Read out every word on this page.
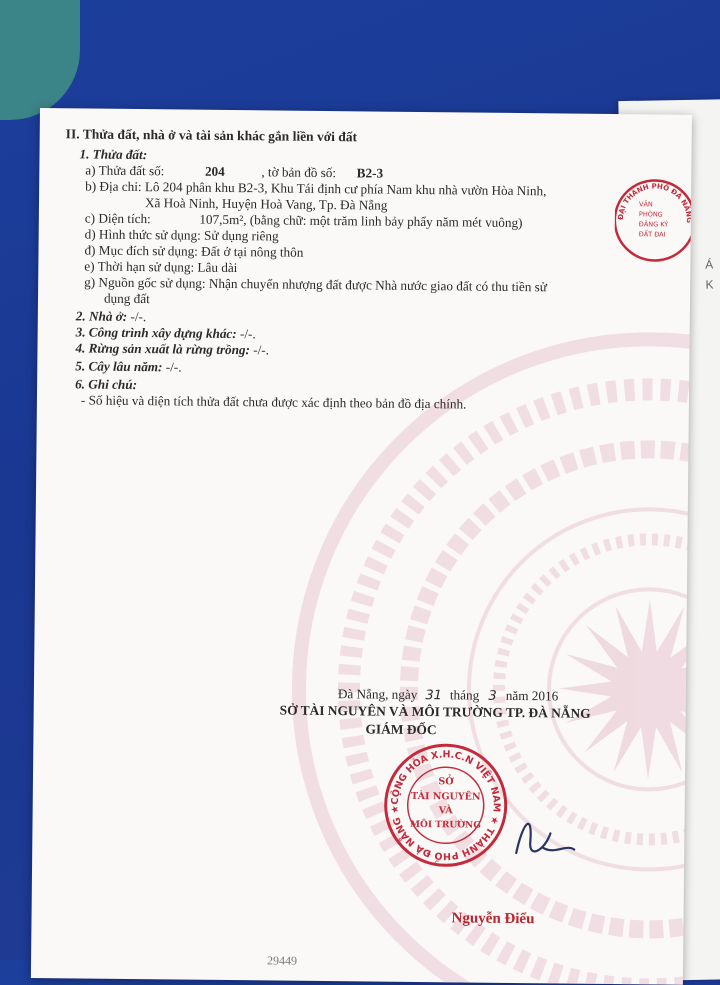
Á
K
II. Thửa đất, nhà ở và tài sản khác gắn liền với đất
1. Thửa đất:
a) Thửa đất số:	204	, tờ bản đồ số: B2-3
b) Địa chỉ: Lô 204 phân khu B2-3, Khu Tái định cư phía Nam khu nhà vườn Hòa Ninh,
Xã Hoà Ninh, Huyện Hoà Vang, Tp. Đà Nẵng
c) Diện tích:	107,5m², (bằng chữ: một trăm linh bảy phẩy năm mét vuông)
d) Hình thức sử dụng: Sử dụng riêng
đ) Mục đích sử dụng: Đất ở tại nông thôn
e) Thời hạn sử dụng: Lâu dài
g) Nguồn gốc sử dụng: Nhận chuyển nhượng đất được Nhà nước giao đất có thu tiền sử
dụng đất
2. Nhà ở: -/-.
3. Công trình xây dựng khác: -/-.
4. Rừng sản xuất là rừng trồng: -/-.
5. Cây lâu năm: -/-.
6. Ghi chú:
- Số hiệu và diện tích thửa đất chưa được xác định theo bản đồ địa chính.
Đà Nẵng, ngày 31 tháng 3 năm 2016
SỞ TÀI NGUYÊN VÀ MÔI TRƯỜNG TP. ĐÀ NẴNG
GIÁM ĐỐC
CỘNG HÒA X.H.C.N VIỆT NAM ★ THÀNH PHỐ ĐÀ NẴNG ★
SỞ
TÀI NGUYÊN
VÀ
MÔI TRƯỜNG
Nguyễn Điểu
ĐẠI THÀNH PHỐ ĐÀ NẴNG
VĂN
PHÒNG
ĐĂNG KÝ
ĐẤT ĐAI
29449
